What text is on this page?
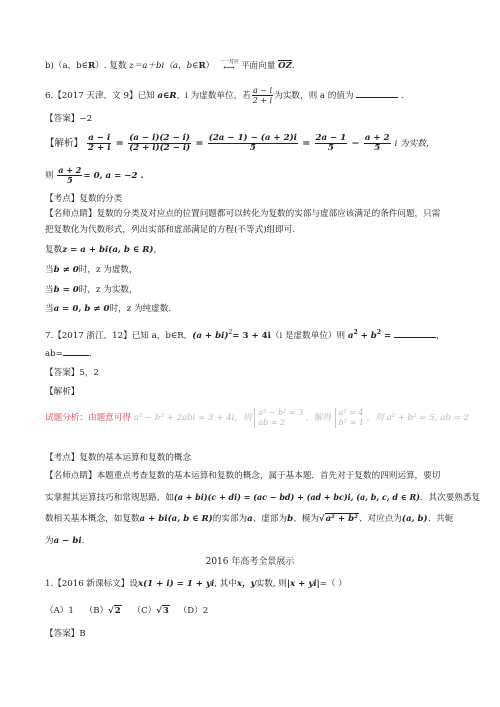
b)（a，b∈R）. 复数 z＝a＋bi（a，b∈R） 一一对应
⟷ 平面向量 $\overline{OZ}$.
6.【2017 天津，文 9】已知 a∈R，i 为虚数单位，若 $\frac{a - i}{2 + i}$ 为实数，则 a 的值为	．
【答案】−2
【解析】 $\frac{a - i}{2 + i} = \frac{(a - i)(2 - i)}{(2 + i)(2 - i)} = \frac{(2a - 1) - (a + 2)i}{5} = \frac{2a - 1}{5} - \frac{a + 2}{5}$ i 为实数，
则 $\frac{a + 2}{5} = 0$, a = −2 .
【考点】复数的分类
【名师点睛】复数的分类及对应点的位置问题都可以转化为复数的实部与虚部应该满足的条件问题，只需
把复数化为代数形式，列出实部和虚部满足的方程(不等式)组即可.
复数z = a + bi(a, b ∈ R)，
当b ≠ 0时，z 为虚数，
当b = 0时，z 为实数，
当a = 0, b ≠ 0时，z 为纯虚数.
7.【2017 浙江，12】已知 a，b∈R，(a + bi)$^2$= 3 + 4i（i 是虚数单位）则 $a^2 + b^2$ =	，
ab=	.
【答案】5，2
【解析】
试题分析：由题意可得 a² − b² + 2abi = 3 + 4i，则
a² − b² = 3
ab = 2	，解得
a² = 4
b² = 1 ，则 a² + b² = 5, ab = 2
【考点】复数的基本运算和复数的概念
【名师点睛】本题重点考查复数的基本运算和复数的概念，属于基本题．首先对于复数的四则运算，要切
实掌握其运算技巧和常规思路，如(a + bi)(c + di) = (ac − bd) + (ad + bc)i, (a, b, c, d ∈ R)．其次要熟悉复
数相关基本概念，如复数a + bi(a, b ∈ R)的实部为a、虚部为b、模为√a² + b²、对应点为(a, b)、共轭
为a − bi.
2016 年高考全景展示
1.【2016 新课标文】设x(1 + i) = 1 + yi, 其中x，y实数, 则|x + yi|=（ ）
（A）1 （B）√2 （C）√3 （D）2
【答案】B
